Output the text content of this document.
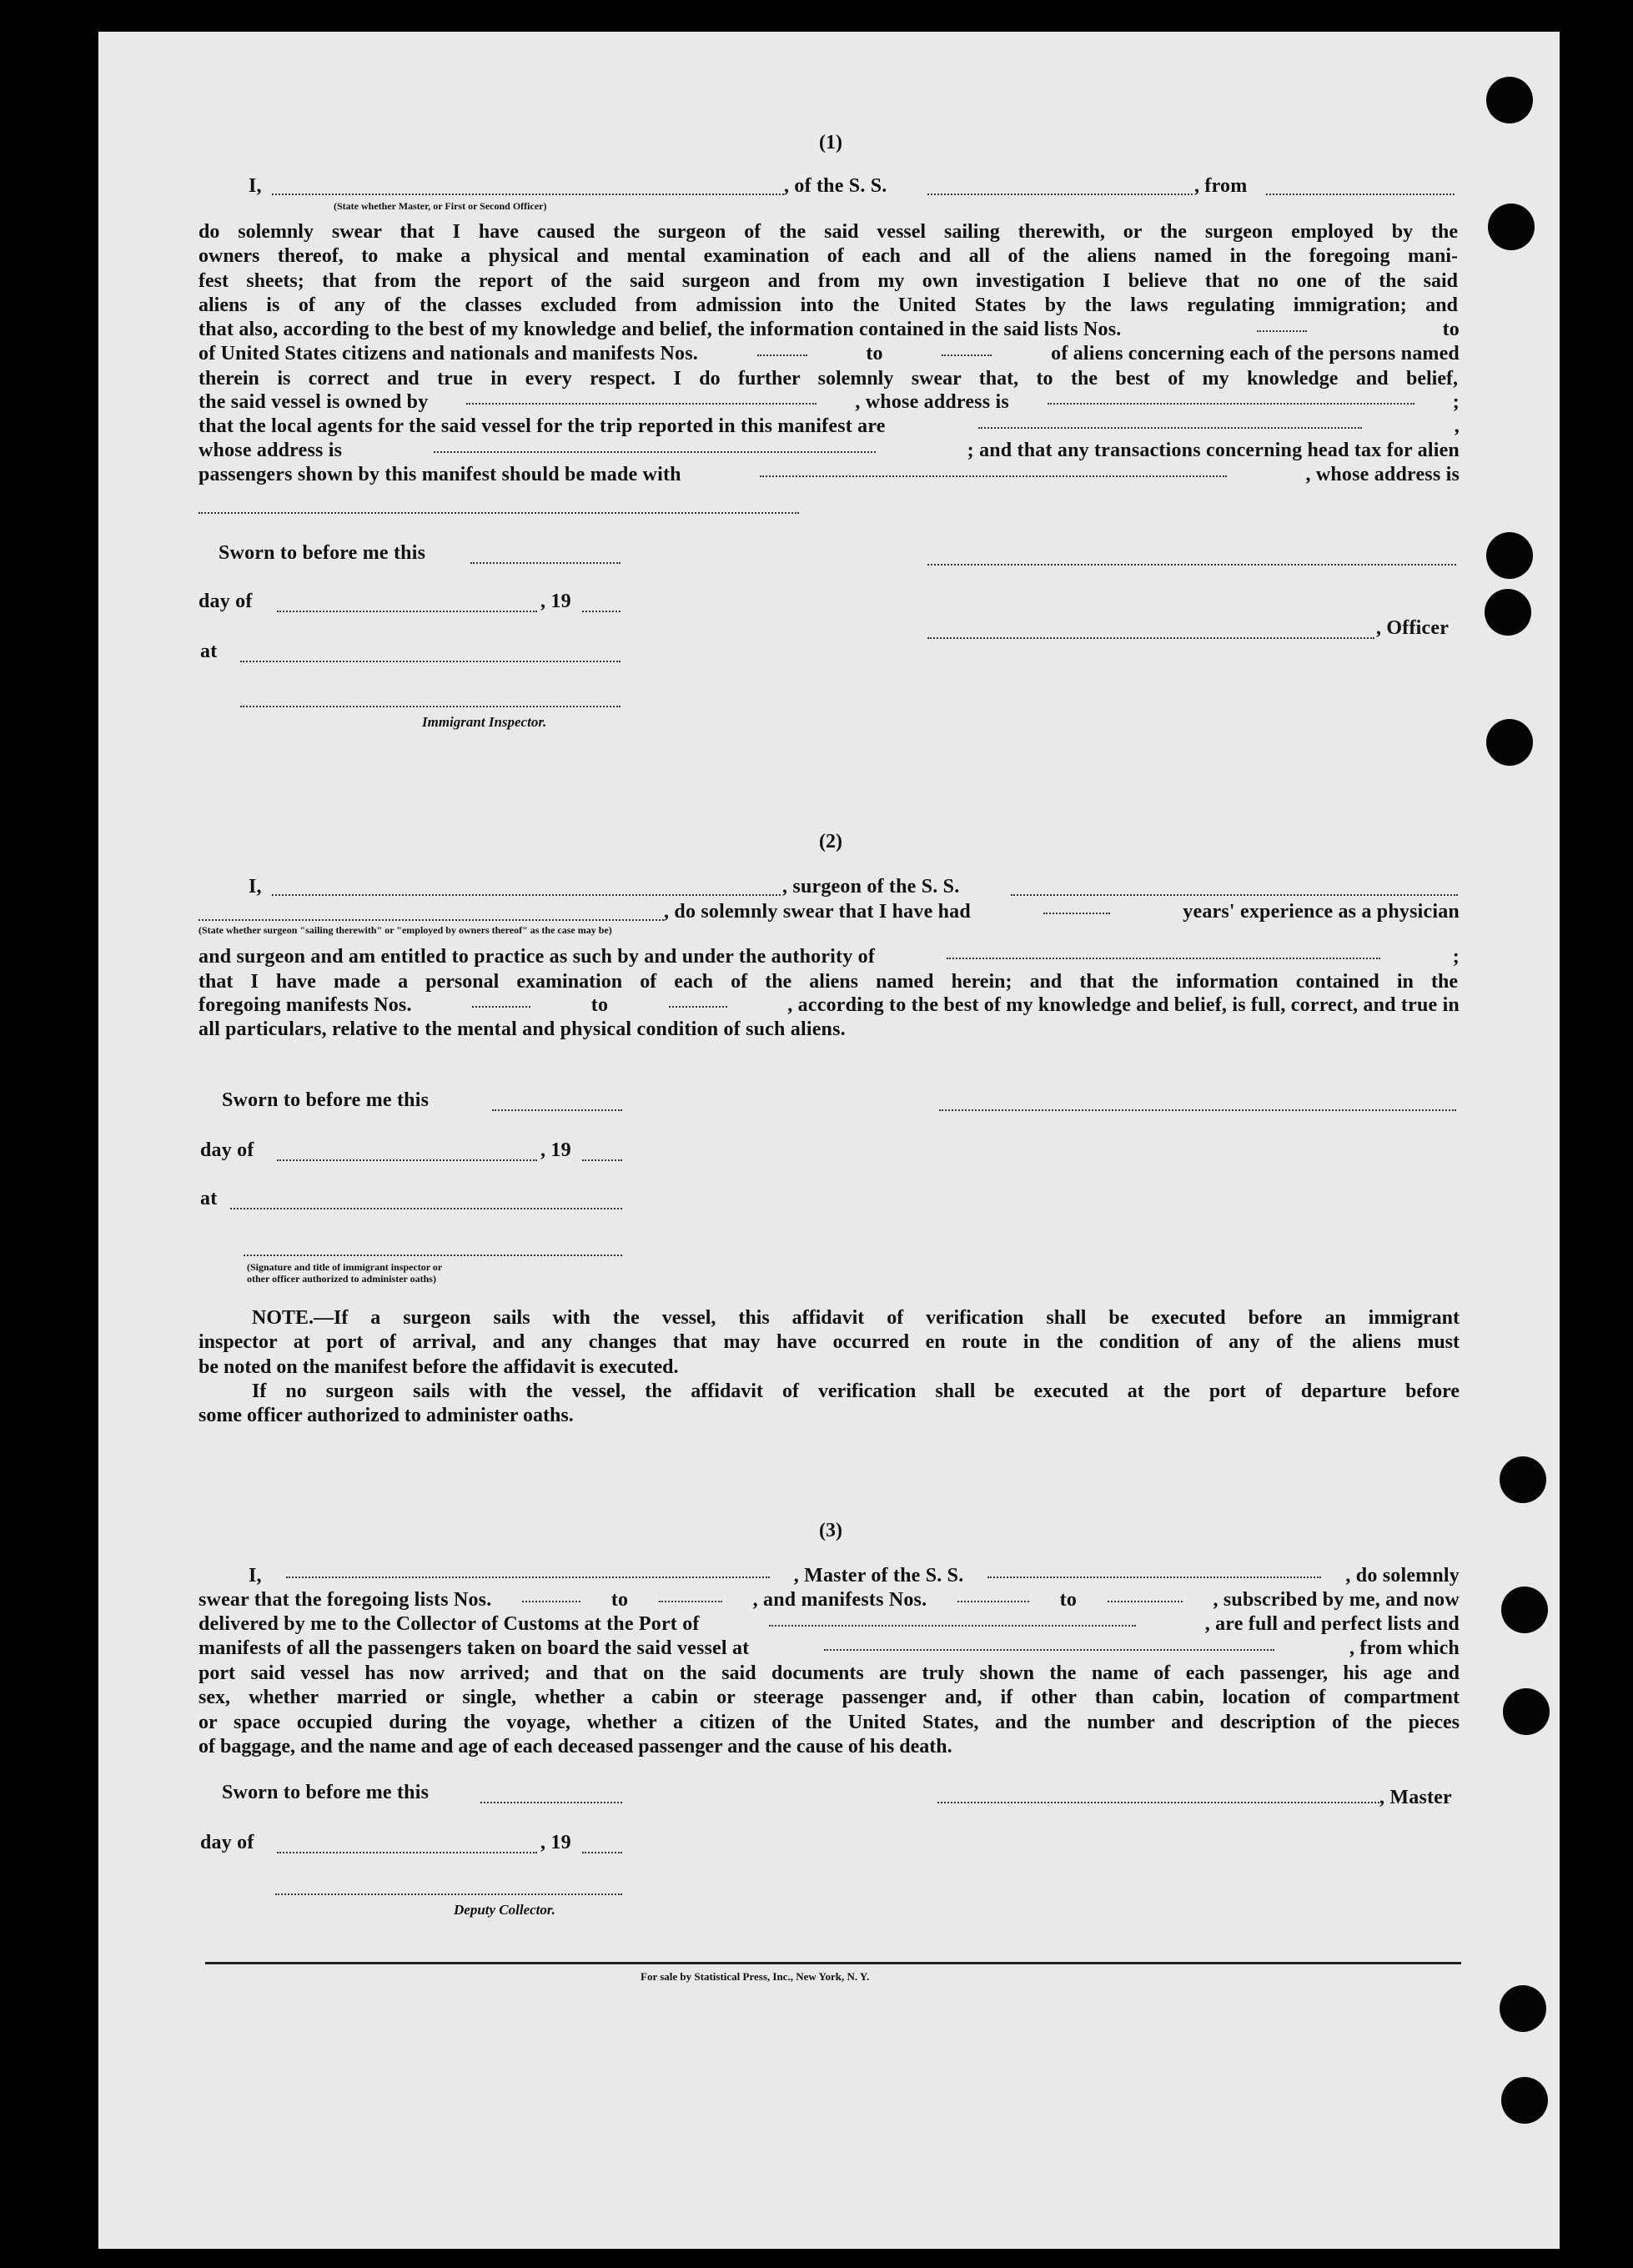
(1)
I,	, of the S. S.	, from
(State whether Master, or First or Second Officer)
do solemnly swear that I have caused the surgeon of the said vessel sailing therewith, or the surgeon employed by the
owners thereof, to make a physical and mental examination of each and all of the aliens named in the foregoing mani-
fest sheets; that from the report of the said surgeon and from my own investigation I believe that no one of the said
aliens is of any of the classes excluded from admission into the United States by the laws regulating immigration; and
that also, according to the best of my knowledge and belief, the information contained in the said lists Nos.	to
of United States citizens and nationals and manifests Nos.	to	of aliens concerning each of the persons named
therein is correct and true in every respect. I do further solemnly swear that, to the best of my knowledge and belief,
the said vessel is owned by	, whose address is	;
that the local agents for the said vessel for the trip reported in this manifest are	,
whose address is	; and that any transactions concerning head tax for alien
passengers shown by this manifest should be made with	, whose address is
Sworn to before me this
day of	, 19
, Officer
at
Immigrant Inspector.
(2)
I,	, surgeon of the S. S.
, do solemnly swear that I have had	years' experience as a physician
(State whether surgeon "sailing therewith" or "employed by owners thereof" as the case may be)
and surgeon and am entitled to practice as such by and under the authority of	;
that I have made a personal examination of each of the aliens named herein; and that the information contained in the
foregoing manifests Nos.	to	, according to the best of my knowledge and belief, is full, correct, and true in
all particulars, relative to the mental and physical condition of such aliens.
Sworn to before me this
day of	, 19
at
(Signature and title of immigrant inspector or
other officer authorized to administer oaths)
NOTE.—If a surgeon sails with the vessel, this affidavit of verification shall be executed before an immigrant
inspector at port of arrival, and any changes that may have occurred en route in the condition of any of the aliens must
be noted on the manifest before the affidavit is executed.
If no surgeon sails with the vessel, the affidavit of verification shall be executed at the port of departure before
some officer authorized to administer oaths.
(3)
I,	, Master of the S. S.	, do solemnly
swear that the foregoing lists Nos.	to	, and manifests Nos.	to	, subscribed by me, and now
delivered by me to the Collector of Customs at the Port of	, are full and perfect lists and
manifests of all the passengers taken on board the said vessel at	, from which
port said vessel has now arrived; and that on the said documents are truly shown the name of each passenger, his age and
sex, whether married or single, whether a cabin or steerage passenger and, if other than cabin, location of compartment
or space occupied during the voyage, whether a citizen of the United States, and the number and description of the pieces
of baggage, and the name and age of each deceased passenger and the cause of his death.
Sworn to before me this	, Master
day of	, 19
Deputy Collector.
For sale by Statistical Press, Inc., New York, N. Y.
